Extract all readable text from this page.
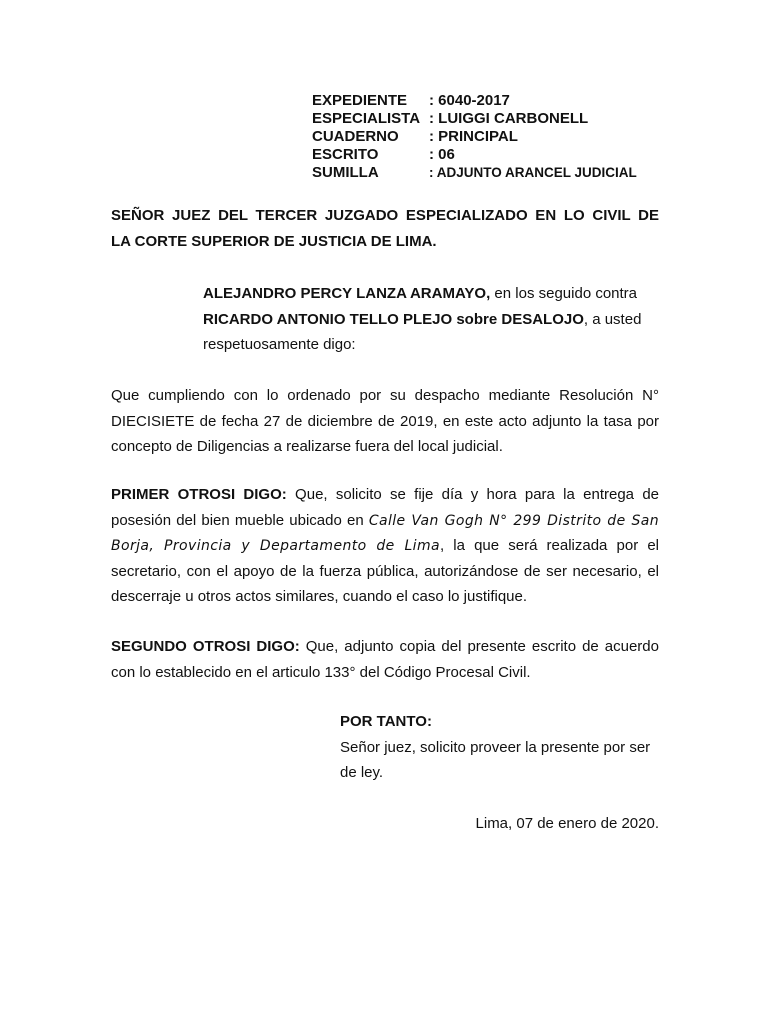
EXPEDIENTE	: 6040-2017
ESPECIALISTA : LUIGGI CARBONELL
CUADERNO	: PRINCIPAL
ESCRITO	: 06
SUMILLA	: ADJUNTO ARANCEL JUDICIAL
SEÑOR JUEZ DEL TERCER JUZGADO ESPECIALIZADO EN LO CIVIL DE
LA CORTE SUPERIOR DE JUSTICIA DE LIMA.
ALEJANDRO PERCY LANZA ARAMAYO, en los seguido contra
RICARDO ANTONIO TELLO PLEJO sobre DESALOJO, a usted
respetuosamente digo:
Que cumpliendo con lo ordenado por su despacho mediante Resolución N°
DIECISIETE de fecha 27 de diciembre de 2019, en este acto adjunto la tasa por
concepto de Diligencias a realizarse fuera del local judicial.
PRIMER OTROSI DIGO: Que, solicito se fije día y hora para la entrega de
posesión del bien mueble ubicado en Calle Van Gogh N° 299 Distrito de San
Borja, Provincia y Departamento de Lima, la que será realizada por el
secretario, con el apoyo de la fuerza pública, autorizándose de ser necesario, el
descerraje u otros actos similares, cuando el caso lo justifique.
SEGUNDO OTROSI DIGO: Que, adjunto copia del presente escrito de acuerdo
con lo establecido en el articulo 133° del Código Procesal Civil.
POR TANTO:
Señor juez, solicito proveer la presente por ser
de ley.
Lima, 07 de enero de 2020.
